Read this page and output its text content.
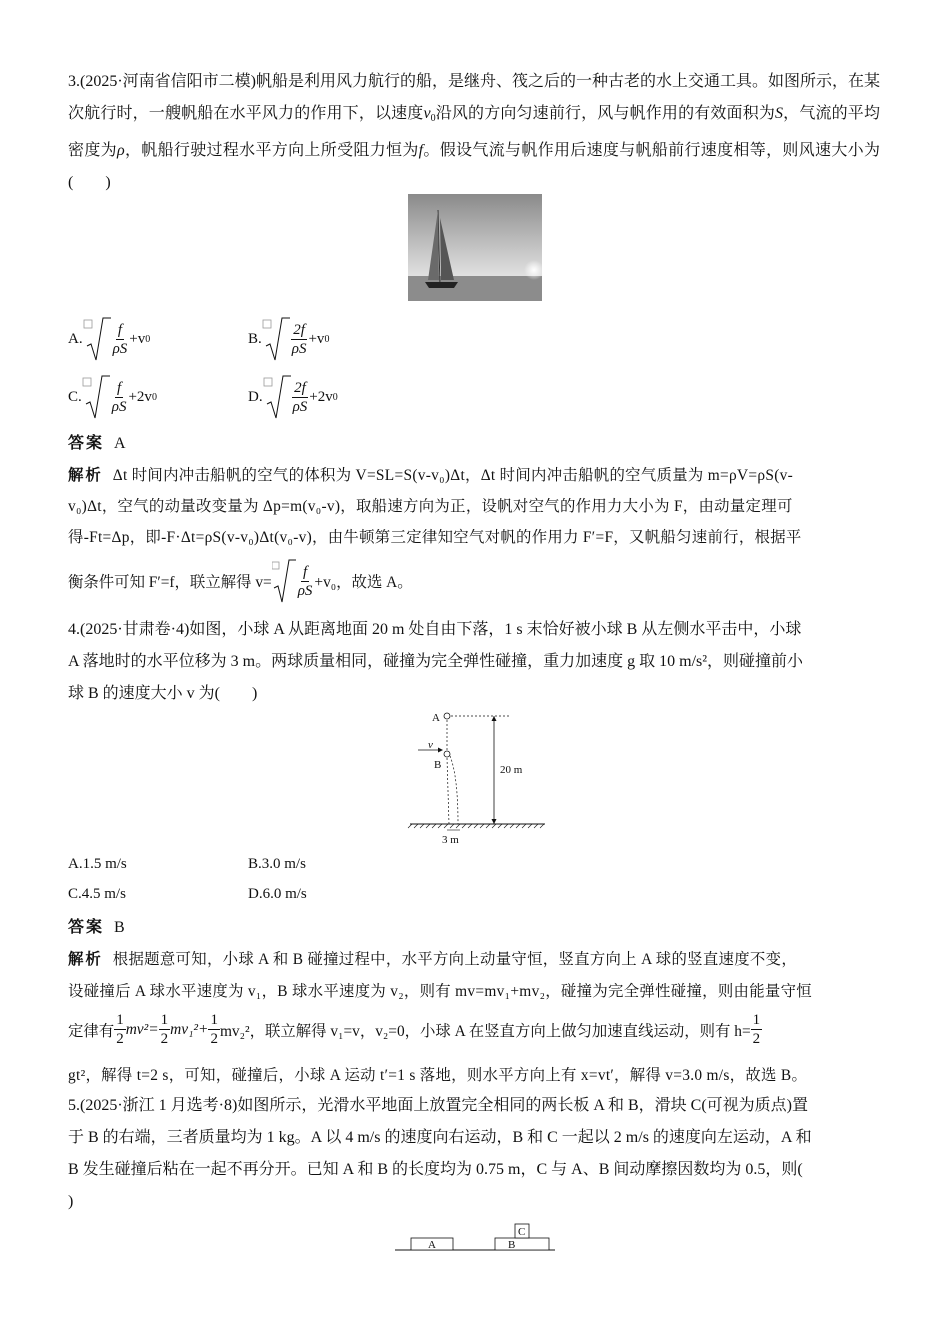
3.(2025·河南省信阳市二模)帆船是利用风力航行的船，是继舟、筏之后的一种古老的水上交通工具。如图所示，在某次航行时，一艘帆船在水平风力的作用下，以速度$v_0$沿风的方向匀速前行，风与帆作用的有效面积为S，气流的平均密度为ρ，帆船行驶过程水平方向上所受阻力恒为f。假设气流与帆作用后速度与帆船前行速度相等，则风速大小为(　　)
A. $\frac{f}{\rho S} +v$ 0	B. $\frac{2f}{\rho S} +v$ 0
C. $\frac{f}{\rho S} +2v$ 0	D. $\frac{2f}{\rho S} +2v$ 0
答案 A
解析 Δt 时间内冲击船帆的空气的体积为 V=SL=S(v-v₀)Δt，Δt 时间内冲击船帆的空气质量为 m=ρV=ρS(v-
v₀)Δt，空气的动量改变量为 Δp=m(v₀-v)，取船速方向为正，设帆对空气的作用力大小为 F，由动量定理可
得-Ft=Δp，即-F·Δt=ρS(v-v₀)Δt(v₀-v)，由牛顿第三定律知空气对帆的作用力 F′=F，又帆船匀速前行，根据平
衡条件可知 F′=f，联立解得 $v= \frac{f}{\rho S} +v_0$，故选 A。
4.(2025·甘肃卷·4)如图，小球 A 从距离地面 20 m 处自由下落，1 s 末恰好被小球 B 从左侧水平击中，小球
A 落地时的水平位移为 3 m。两球质量相同，碰撞为完全弹性碰撞，重力加速度 g 取 10 m/s²，则碰撞前小
球 B 的速度大小 v 为(　　)
A
v
B	20 m
3 m
A.1.5 m/s	B.3.0 m/s
C.4.5 m/s	D.6.0 m/s
答案 B
解析 根据题意可知，小球 A 和 B 碰撞过程中，水平方向上动量守恒，竖直方向上 A 球的竖直速度不变，
设碰撞后 A 球水平速度为 v₁，B 球水平速度为 v₂，则有 mv=mv₁+mv₂，碰撞为完全弹性碰撞，则由能量守恒
定律有 $\frac{1}{2} mv^2= \frac{1}{2} mv_1^2+ \frac{1}{2} mv_2^2$，联立解得 v₁=v，v₂=0，小球 A 在竖直方向上做匀加速直线运动，则有 $h= \frac{1}{2}$
gt²，解得 t=2 s，可知，碰撞后，小球 A 运动 t′=1 s 落地，则水平方向上有 x=vt′，解得 v=3.0 m/s，故选 B。
5.(2025·浙江 1 月选考·8)如图所示，光滑水平地面上放置完全相同的两长板 A 和 B，滑块 C(可视为质点)置
于 B 的右端，三者质量均为 1 kg。A 以 4 m/s 的速度向右运动，B 和 C 一起以 2 m/s 的速度向左运动，A 和
B 发生碰撞后粘在一起不再分开。已知 A 和 B 的长度均为 0.75 m，C 与 A、B 间动摩擦因数均为 0.5，则(
)
A	B
C
